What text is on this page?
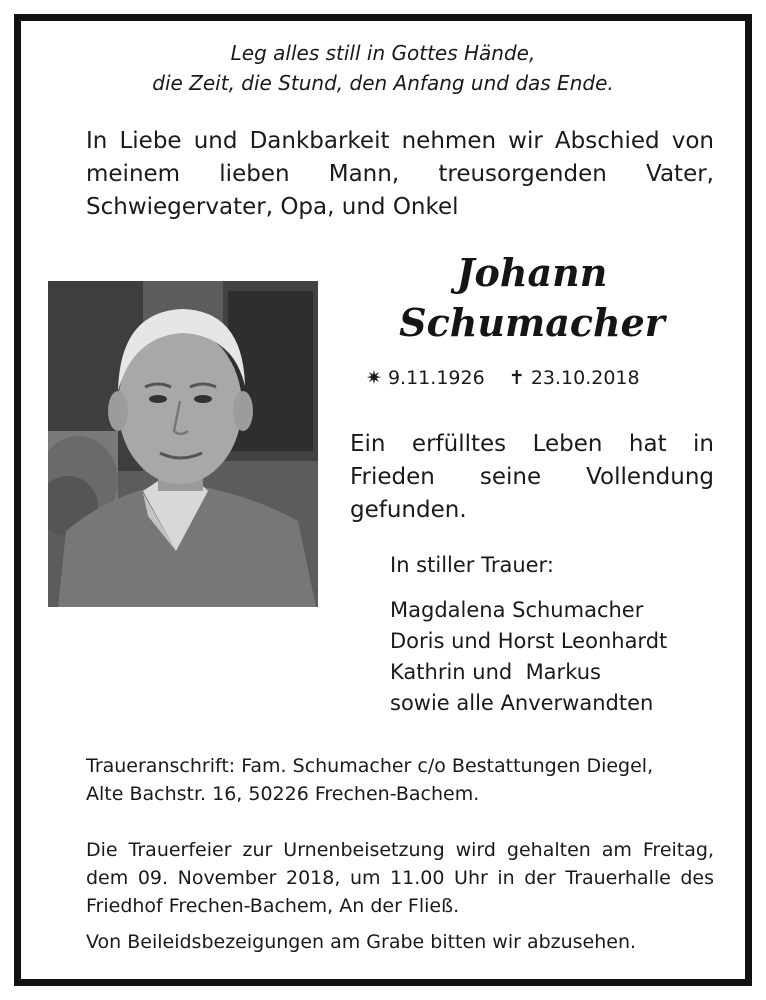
Leg alles still in Gottes Hände,
die Zeit, die Stund, den Anfang und das Ende.
In Liebe und Dankbarkeit nehmen wir Abschied von meinem lieben Mann, treusorgenden Vater, Schwiegervater, Opa, und Onkel
Johann
Schumacher
✷ 9.11.1926 ✝ 23.10.2018
Ein erfülltes Leben hat in Frieden seine Vollendung gefunden.
In stiller Trauer:
Magdalena Schumacher
Doris und Horst Leonhardt
Kathrin und  Markus
sowie alle Anverwandten
Traueranschrift: Fam. Schumacher c/o Bestattungen Diegel,
Alte Bachstr. 16, 50226 Frechen-Bachem.
Die Trauerfeier zur Urnenbeisetzung wird gehalten am Freitag, dem 09. November 2018, um 11.00 Uhr in der Trauerhalle des Friedhof Frechen-Bachem, An der Fließ.
Von Beileidsbezeigungen am Grabe bitten wir abzusehen.
